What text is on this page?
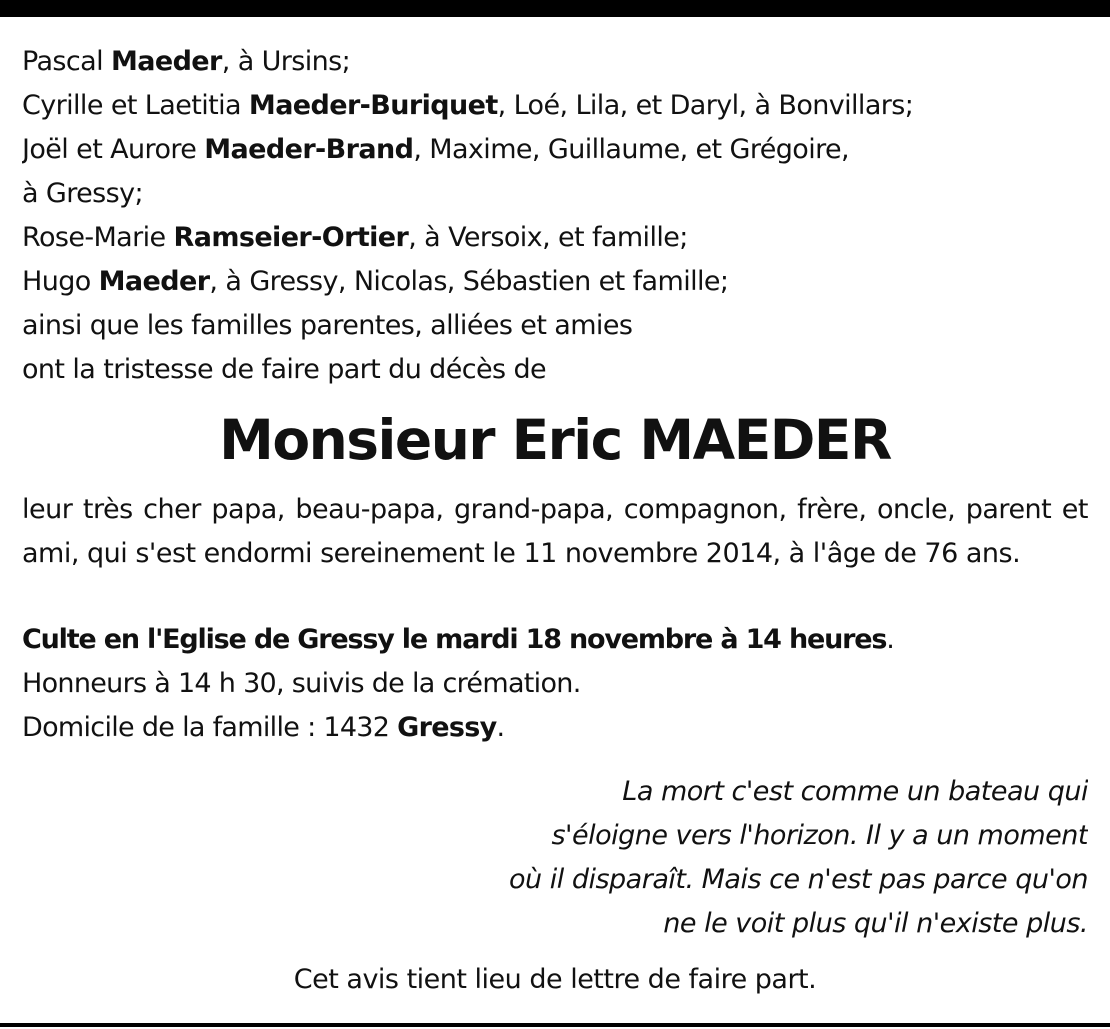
Pascal Maeder, à Ursins;
Cyrille et Laetitia Maeder-Buriquet, Loé, Lila, et Daryl, à Bonvillars;
Joël et Aurore Maeder-Brand, Maxime, Guillaume, et Grégoire,
à Gressy;
Rose-Marie Ramseier-Ortier, à Versoix, et famille;
Hugo Maeder, à Gressy, Nicolas, Sébastien et famille;
ainsi que les familles parentes, alliées et amies
ont la tristesse de faire part du décès de
Monsieur Eric MAEDER
leur très cher papa, beau-papa, grand-papa, compagnon, frère, oncle, parent et ami, qui s'est endormi sereinement le 11 novembre 2014, à l'âge de 76 ans.
Culte en l'Eglise de Gressy le mardi 18 novembre à 14 heures.
Honneurs à 14 h 30, suivis de la crémation.
Domicile de la famille : 1432 Gressy.
La mort c'est comme un bateau qui
s'éloigne vers l'horizon. Il y a un moment
où il disparaît. Mais ce n'est pas parce qu'on
ne le voit plus qu'il n'existe plus.
Cet avis tient lieu de lettre de faire part.
